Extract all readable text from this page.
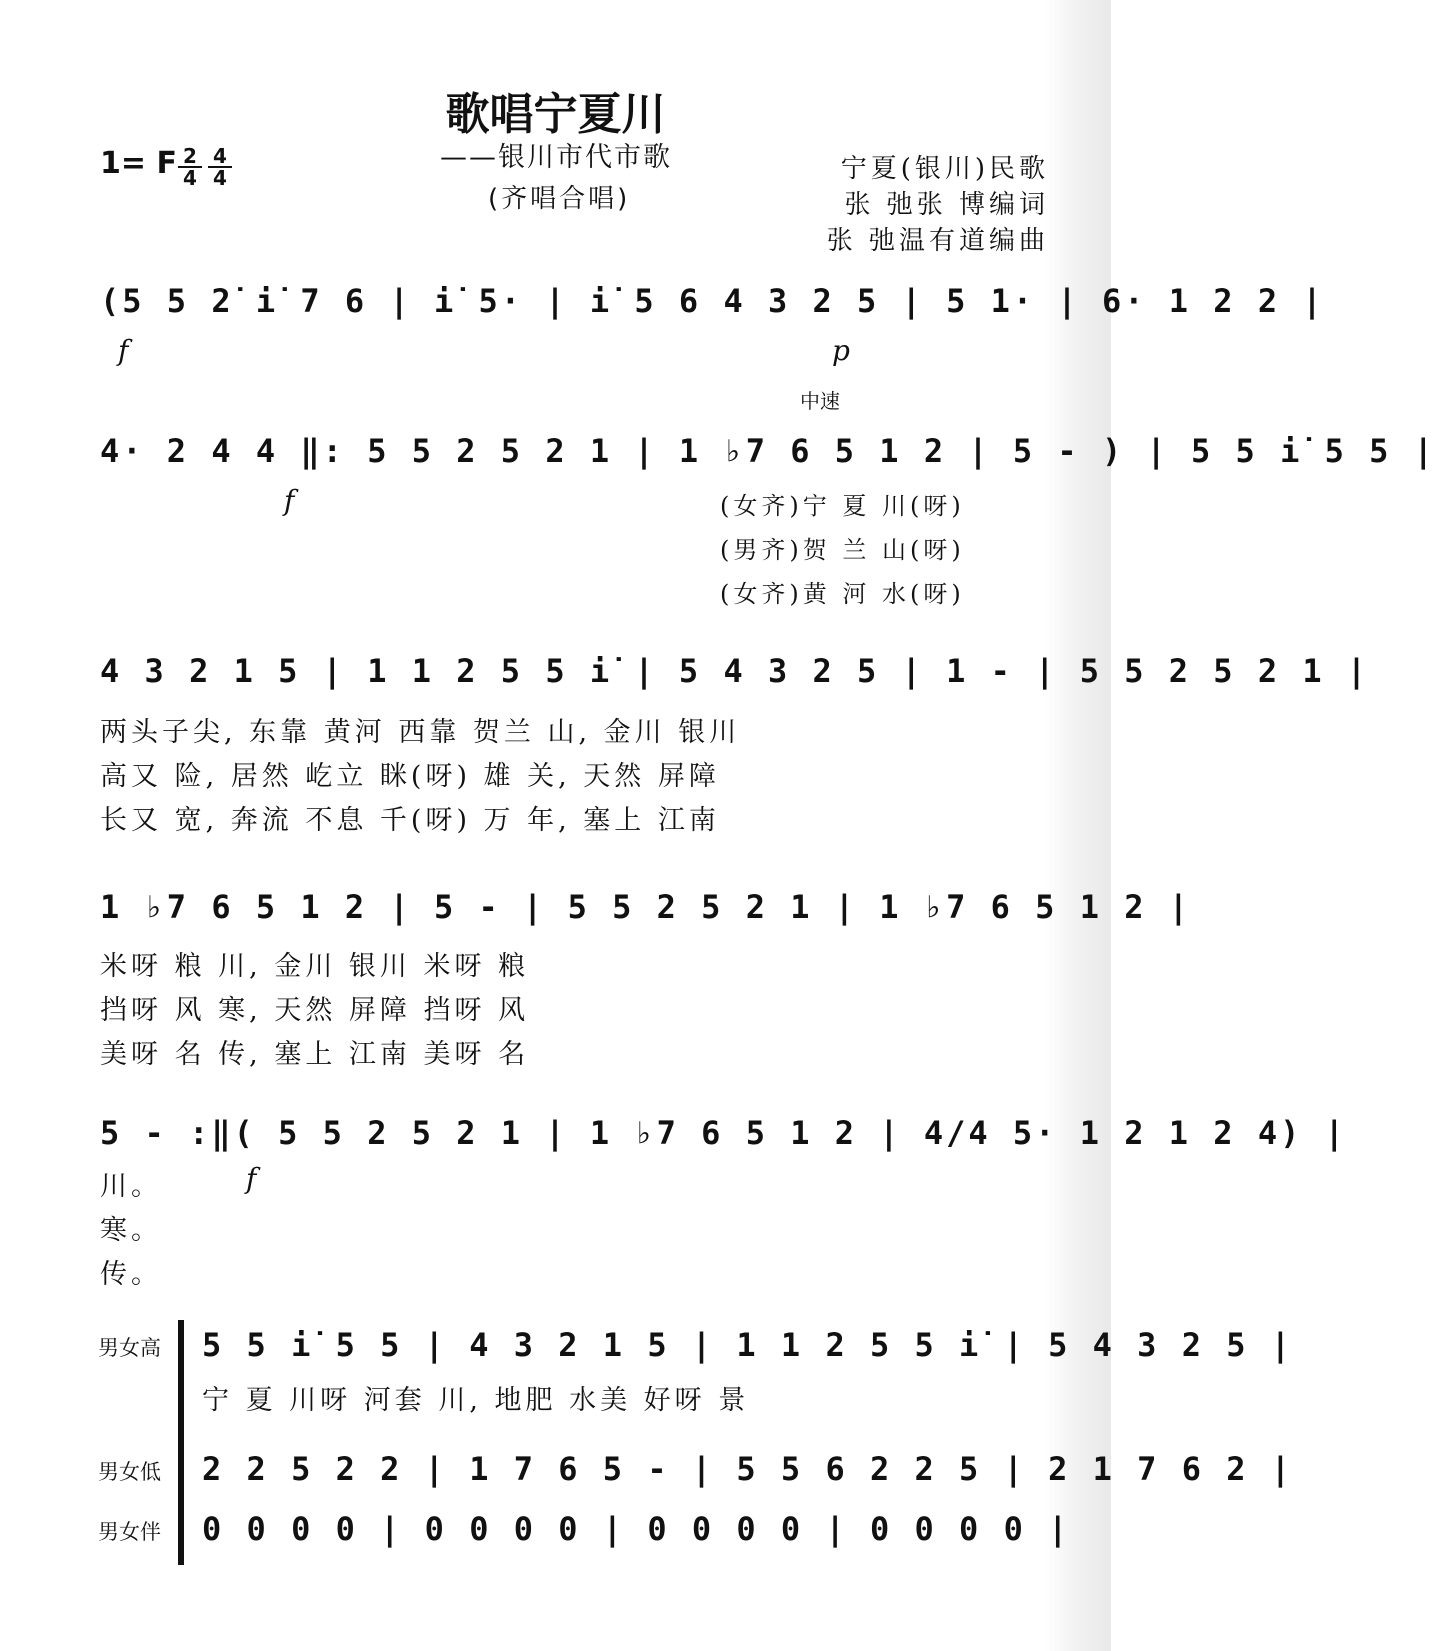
歌唱宁夏川
——银川市代市歌
(齐唱合唱)
1= F $\frac{2}{4} \frac{4}{4}$	宁夏(银川)民歌
张 弛张 博编词
张 弛温有道编曲
(5 5 2̇ i̇ 7 6 | i̇ 5· | i̇ 5 6 4 3 2 5 | 5 1· | 6· 1 2 2 |
f	p
中速
4· 2 4 4 ‖: 5 5 2 5 2 1 | 1 ♭7 6 5 1 2 | 5 - ) | 5 5 i̇ 5 5 |
f	(女齐)宁 夏 川(呀)
(男齐)贺 兰 山(呀)
(女齐)黄 河 水(呀)
4 3 2 1 5 | 1 1 2 5 5 i̇ | 5 4 3 2 5 | 1 - | 5 5 2 5 2 1 |
两头子尖, 东靠 黄河 西靠 贺兰 山, 金川 银川
高又 险, 居然 屹立 眯(呀) 雄 关, 天然 屏障
长又 宽, 奔流 不息 千(呀) 万 年, 塞上 江南
1 ♭7 6 5 1 2 | 5 - | 5 5 2 5 2 1 | 1 ♭7 6 5 1 2 |
米呀 粮 川, 金川 银川 米呀 粮
挡呀 风 寒, 天然 屏障 挡呀 风
美呀 名 传, 塞上 江南 美呀 名
5 - :‖( 5 5 2 5 2 1 | 1 ♭7 6 5 1 2 | 4/4 5· 1 2 1 2 4) |
f
川。
寒。
传。
男女高 5 5 i̇ 5 5 | 4 3 2 1 5 | 1 1 2 5 5 i̇ | 5 4 3 2 5 |
宁 夏 川呀 河套 川, 地肥 水美 好呀 景
男女低 2 2 5 2 2 | 1 7 6 5 - | 5 5 6 2 2 5 | 2 1 7 6 2 |
男女伴 0 0 0 0 | 0 0 0 0 | 0 0 0 0 | 0 0 0 0 |
